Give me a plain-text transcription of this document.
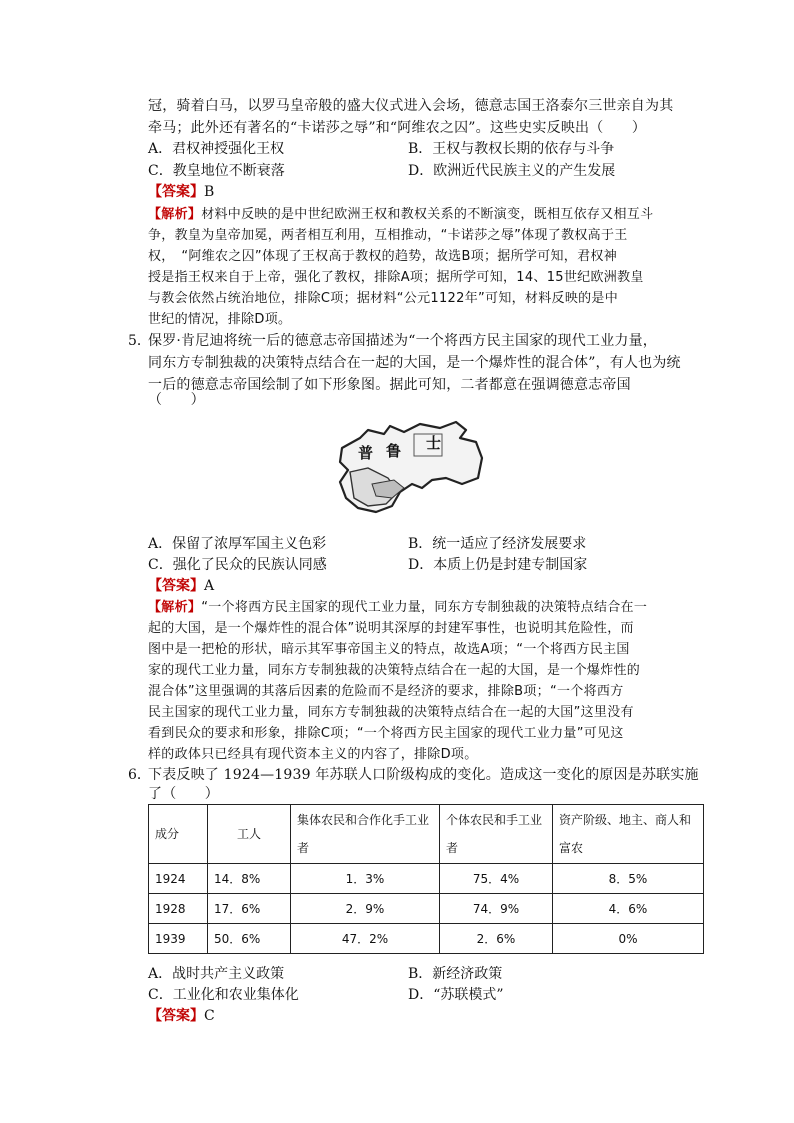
冠，骑着白马，以罗马皇帝般的盛大仪式进入会场，德意志国王洛泰尔三世亲自为其
牵马；此外还有著名的“卡诺莎之辱”和“阿维农之囚”。这些史实反映出（　　）
A．君权神授强化王权	B．王权与教权长期的依存与斗争
C．教皇地位不断衰落	D．欧洲近代民族主义的产生发展
【答案】B
【解析】材料中反映的是中世纪欧洲王权和教权关系的不断演变，既相互依存又相互斗
争，教皇为皇帝加冕，两者相互利用，互相推动，“卡诺莎之辱”体现了教权高于王
权，　“阿维农之囚”体现了王权高于教权的趋势，故选B项；据所学可知，君权神
授是指王权来自于上帝，强化了教权，排除A项；据所学可知，14、15世纪欧洲教皇
与教会依然占统治地位，排除C项；据材料“公元1122年”可知，材料反映的是中
世纪的情况，排除D项。
5．
保罗·肯尼迪将统一后的德意志帝国描述为“一个将西方民主国家的现代工业力量，
同东方专制独裁的决策特点结合在一起的大国，是一个爆炸性的混合体”，有人也为统
一后的德意志帝国绘制了如下形象图。据此可知，二者都意在强调德意志帝国
（　　）
普 鲁 士
A．保留了浓厚军国主义色彩	B．统一适应了经济发展要求
C．强化了民众的民族认同感	D．本质上仍是封建专制国家
【答案】A
【解析】“一个将西方民主国家的现代工业力量，同东方专制独裁的决策特点结合在一
起的大国，是一个爆炸性的混合体”说明其深厚的封建军事性，也说明其危险性，而
图中是一把枪的形状，暗示其军事帝国主义的特点，故选A项；“一个将西方民主国
家的现代工业力量，同东方专制独裁的决策特点结合在一起的大国，是一个爆炸性的
混合体”这里强调的其落后因素的危险而不是经济的要求，排除B项；“一个将西方
民主国家的现代工业力量，同东方专制独裁的决策特点结合在一起的大国”这里没有
看到民众的要求和形象，排除C项；“一个将西方民主国家的现代工业力量”可见这
样的政体只已经具有现代资本主义的内容了，排除D项。
6．
下表反映了 1924—1939 年苏联人口阶级构成的变化。造成这一变化的原因是苏联实施
了（　　）
成分	工人	集体农民和合作化手工业者	个体农民和手工业者	资产阶级、地主、商人和富农
1924	14．8%	1．3%	75．4%	8．5%
1928	17．6%	2．9%	74．9%	4．6%
1939	50．6%	47．2%	2．6%	0%
A．战时共产主义政策	B．新经济政策
C．工业化和农业集体化	D．“苏联模式”
【答案】C
